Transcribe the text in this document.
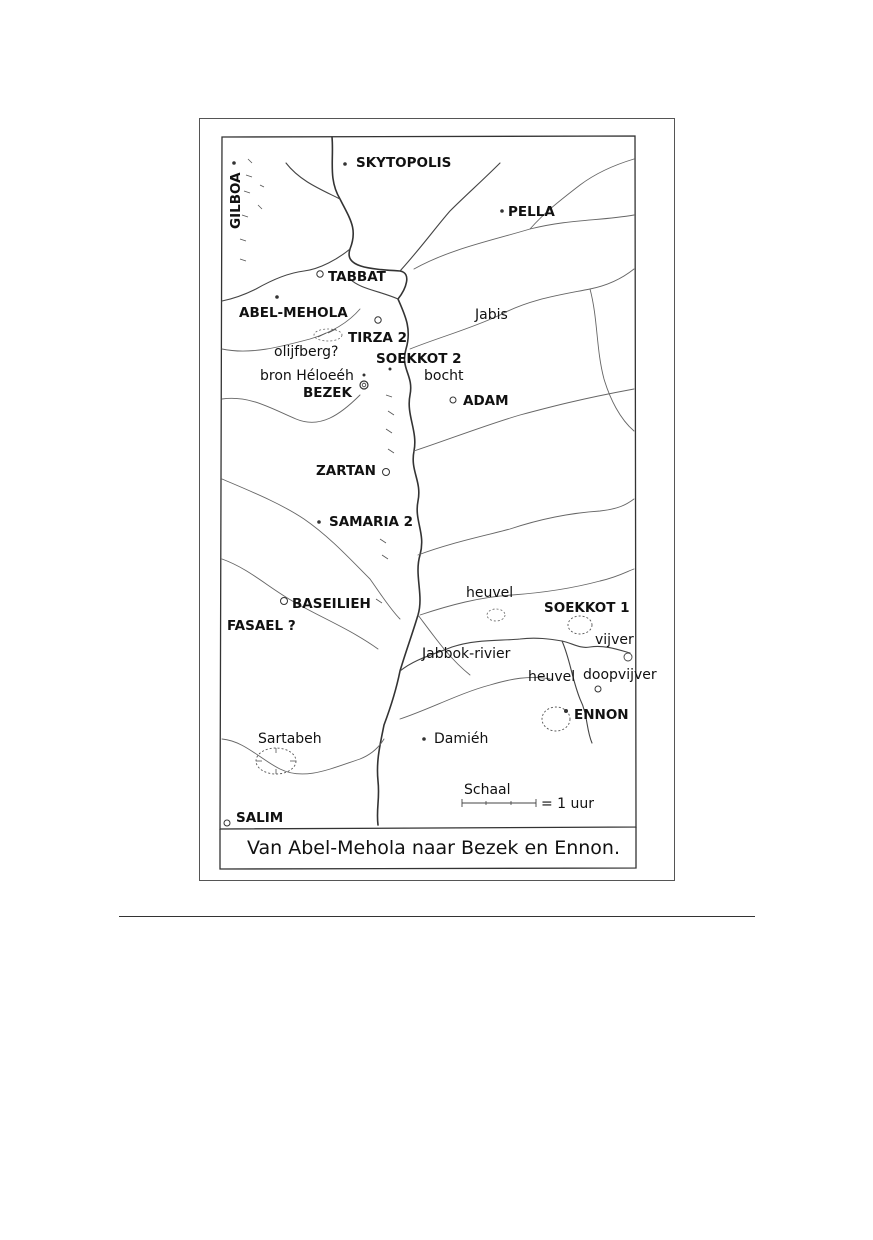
GILBOA
SKYTOPOLIS
PELLA
TABBAT
ABEL-MEHOLA	Jabis
TIRZA 2
olijfberg?	SOEKKOT 2
bron Héloeéh	bocht
BEZEK	ADAM
ZARTAN
SAMARIA 2
heuvel
BASEILIEH	SOEKKOT 1
FASAEL ?
vijver
Jabbok-rivier
heuvel doopvijver
ENNON
Sartabeh	Damiéh
SALIM
Schaal
= 1 uur
Van Abel-Mehola naar Bezek en Ennon.
